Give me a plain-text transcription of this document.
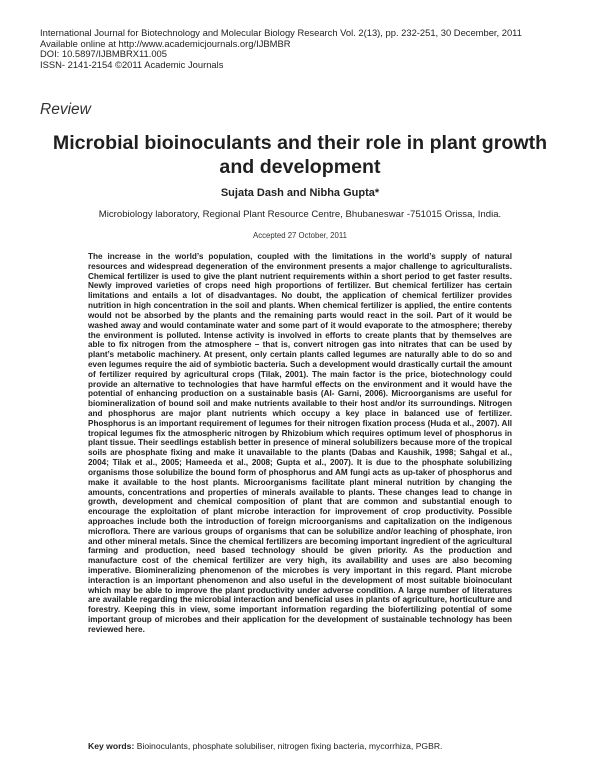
International Journal for Biotechnology and Molecular Biology Research Vol. 2(13), pp. 232-251, 30 December, 2011
Available online at http://www.academicjournals.org/IJBMBR
DOI: 10.5897/IJBMBRX11.005
ISSN- 2141-2154 ©2011 Academic Journals
Review
Microbial bioinoculants and their role in plant growth and development
Sujata Dash and Nibha Gupta*
Microbiology laboratory, Regional Plant Resource Centre, Bhubaneswar -751015 Orissa, India.
Accepted 27 October, 2011

The increase in the world’s population, coupled with the limitations in the world’s supply of natural resources and widespread degeneration of the environment presents a major challenge to agriculturalists. Chemical fertilizer is used to give the plant nutrient requirements within a short period to get faster results. Newly improved varieties of crops need high proportions of fertilizer. But chemical fertilizer has certain limitations and entails a lot of disadvantages. No doubt, the application of chemical fertilizer provides nutrition in high concentration in the soil and plants. When chemical fertilizer is applied, the entire contents would not be absorbed by the plants and the remaining parts would react in the soil. Part of it would be washed away and would contaminate water and some part of it would evaporate to the atmosphere; thereby the environment is polluted. Intense activity is involved in efforts to create plants that by themselves are able to fix nitrogen from the atmosphere – that is, convert nitrogen gas into nitrates that can be used by plant’s metabolic machinery. At present, only certain plants called legumes are naturally able to do so and even legumes require the aid of symbiotic bacteria. Such a development would drastically curtail the amount of fertilizer required by agricultural crops (Tilak, 2001). The main factor is the price, biotechnology could provide an alternative to technologies that have harmful effects on the environment and it would have the potential of enhancing production on a sustainable basis (Al- Garni, 2006). Microorganisms are useful for biomineralization of bound soil and make nutrients available to their host and/or its surroundings. Nitrogen and phosphorus are major plant nutrients which occupy a key place in balanced use of fertilizer. Phosphorus is an important requirement of legumes for their nitrogen fixation process (Huda et al., 2007). All tropical legumes fix the atmospheric nitrogen by Rhizobium which requires optimum level of phosphorus in plant tissue. Their seedlings establish better in presence of mineral solubilizers because more of the tropical soils are phosphate fixing and make it unavailable to the plants (Dabas and Kaushik, 1998; Sahgal et al., 2004; Tilak et al., 2005; Hameeda et al., 2008; Gupta et al., 2007). It is due to the phosphate solubilizing organisms those solubilize the bound form of phosphorus and AM fungi acts as up-taker of phosphorus and make it available to the host plants. Microorganisms facilitate plant mineral nutrition by changing the amounts, concentrations and properties of minerals available to plants. These changes lead to change in growth, development and chemical composition of plant that are common and substantial enough to encourage the exploitation of plant microbe interaction for improvement of crop productivity. Possible approaches include both the introduction of foreign microorganisms and capitalization on the indigenous microflora. There are various groups of organisms that can be solubilize and/or leaching of phosphate, iron and other mineral metals. Since the chemical fertilizers are becoming important ingredient of the agricultural farming and production, need based technology should be given priority. As the production and manufacture cost of the chemical fertilizer are very high, its availability and uses are also becoming imperative. Biomineralizing phenomenon of the microbes is very important in this regard. Plant microbe interaction is an important phenomenon and also useful in the development of most suitable bioinoculant which may be able to improve the plant productivity under adverse condition. A large number of literatures are available regarding the microbial interaction and beneficial uses in plants of agriculture, horticulture and forestry. Keeping this in view, some important information regarding the biofertilizing potential of some important group of microbes and their application for the development of sustainable technology has been reviewed here.

Key words: Bioinoculants, phosphate solubiliser, nitrogen fixing bacteria, mycorrhiza, PGBR.
